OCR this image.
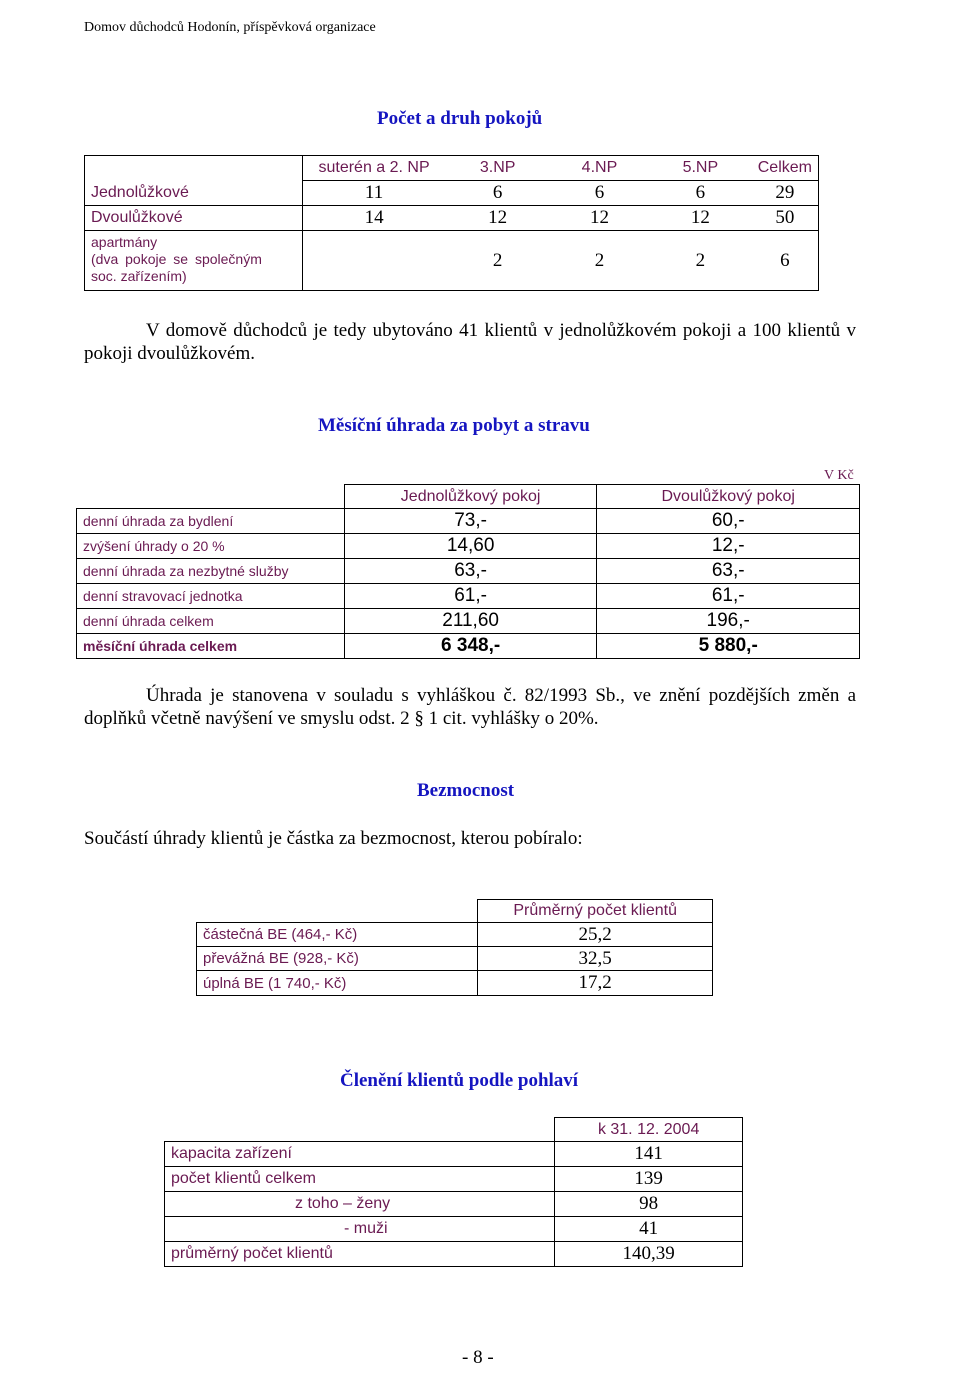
Domov důchodců Hodonín, příspěvková organizace
Počet a druh pokojů
	suterén a 2. NP	3.NP	4.NP	5.NP	Celkem
Jednolůžkové	11	6	6	6	29
Dvoulůžkové	14	12	12	12	50

apartmány
(dva pokoje se společným
soc. zařízením)		2	2	2	6
V domově důchodců je tedy ubytováno 41 klientů v jednolůžkovém pokoji a 100 klientů v pokoji dvoulůžkovém.
Měsíční úhrada za pobyt a stravu
V Kč
	Jednolůžkový pokoj	Dvoulůžkový pokoj
denní úhrada za bydlení	73,-	60,-
zvýšení úhrady o 20 %	14,60	12,-
denní úhrada za nezbytné služby	63,-	63,-
denní stravovací jednotka	61,-	61,-
denní úhrada celkem	211,60	196,-
měsíční úhrada celkem	6 348,-	5 880,-
Úhrada je stanovena v souladu s vyhláškou č. 82/1993 Sb., ve znění pozdějších změn a doplňků včetně navýšení ve smyslu odst. 2 § 1 cit. vyhlášky o 20%.
Bezmocnost
Součástí úhrady klientů je částka za bezmocnost, kterou pobíralo:
	Průměrný počet klientů
částečná BE (464,- Kč)	25,2
převážná BE (928,- Kč)	32,5
úplná BE (1 740,- Kč)	17,2
Členění klientů podle pohlaví
	k 31. 12. 2004
kapacita zařízení	141
počet klientů celkem	139
z toho – ženy	98
- muži	41
průměrný počet klientů	140,39
- 8 -
